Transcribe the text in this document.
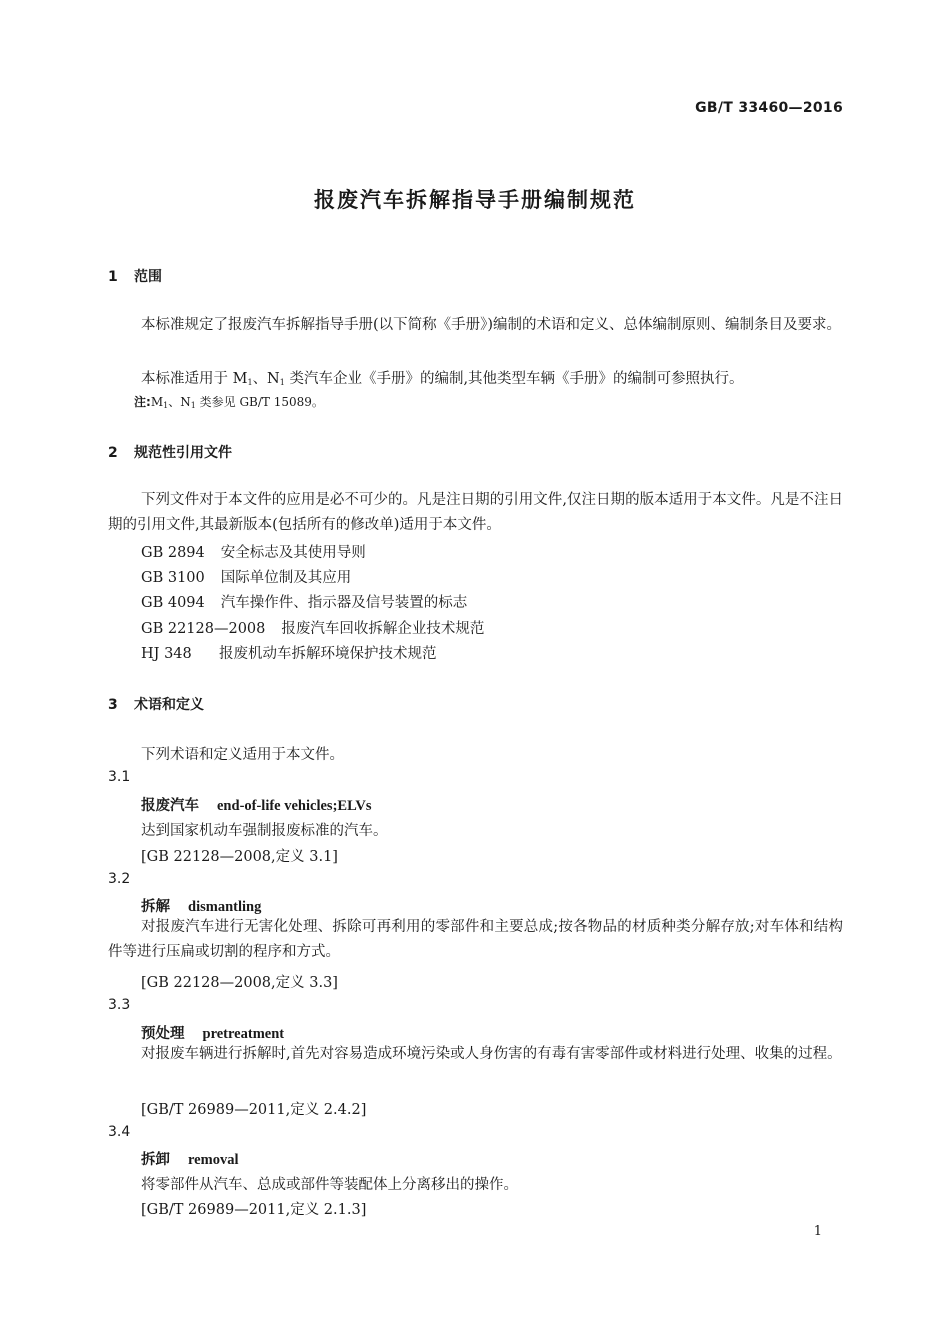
GB/T 33460—2016
报废汽车拆解指导手册编制规范
1 范围
本标准规定了报废汽车拆解指导手册(以下简称《手册》)编制的术语和定义、总体编制原则、编制条目及要求。
本标准适用于 $M_1$、$N_1$ 类汽车企业《手册》的编制,其他类型车辆《手册》的编制可参照执行。
注$:M_1$、$N_1$ 类参见 GB/T 15089。
2 规范性引用文件
下列文件对于本文件的应用是必不可少的。凡是注日期的引用文件,仅注日期的版本适用于本文件。凡是不注日期的引用文件,其最新版本(包括所有的修改单)适用于本文件。
GB 2894 安全标志及其使用导则
GB 3100 国际单位制及其应用
GB 4094 汽车操作件、指示器及信号装置的标志
GB 22128—2008 报废汽车回收拆解企业技术规范
HJ 348 报废机动车拆解环境保护技术规范
3 术语和定义
下列术语和定义适用于本文件。
3.1
报废汽车 end-of-life vehicles;ELVs
达到国家机动车强制报废标准的汽车。
[GB 22128—2008,定义 3.1]
3.2
拆解 dismantling
对报废汽车进行无害化处理、拆除可再利用的零部件和主要总成;按各物品的材质种类分解存放;对车体和结构件等进行压扁或切割的程序和方式。
[GB 22128—2008,定义 3.3]
3.3
预处理 pretreatment
对报废车辆进行拆解时,首先对容易造成环境污染或人身伤害的有毒有害零部件或材料进行处理、收集的过程。
[GB/T 26989—2011,定义 2.4.2]
3.4
拆卸 removal
将零部件从汽车、总成或部件等装配体上分离移出的操作。
[GB/T 26989—2011,定义 2.1.3]
1
